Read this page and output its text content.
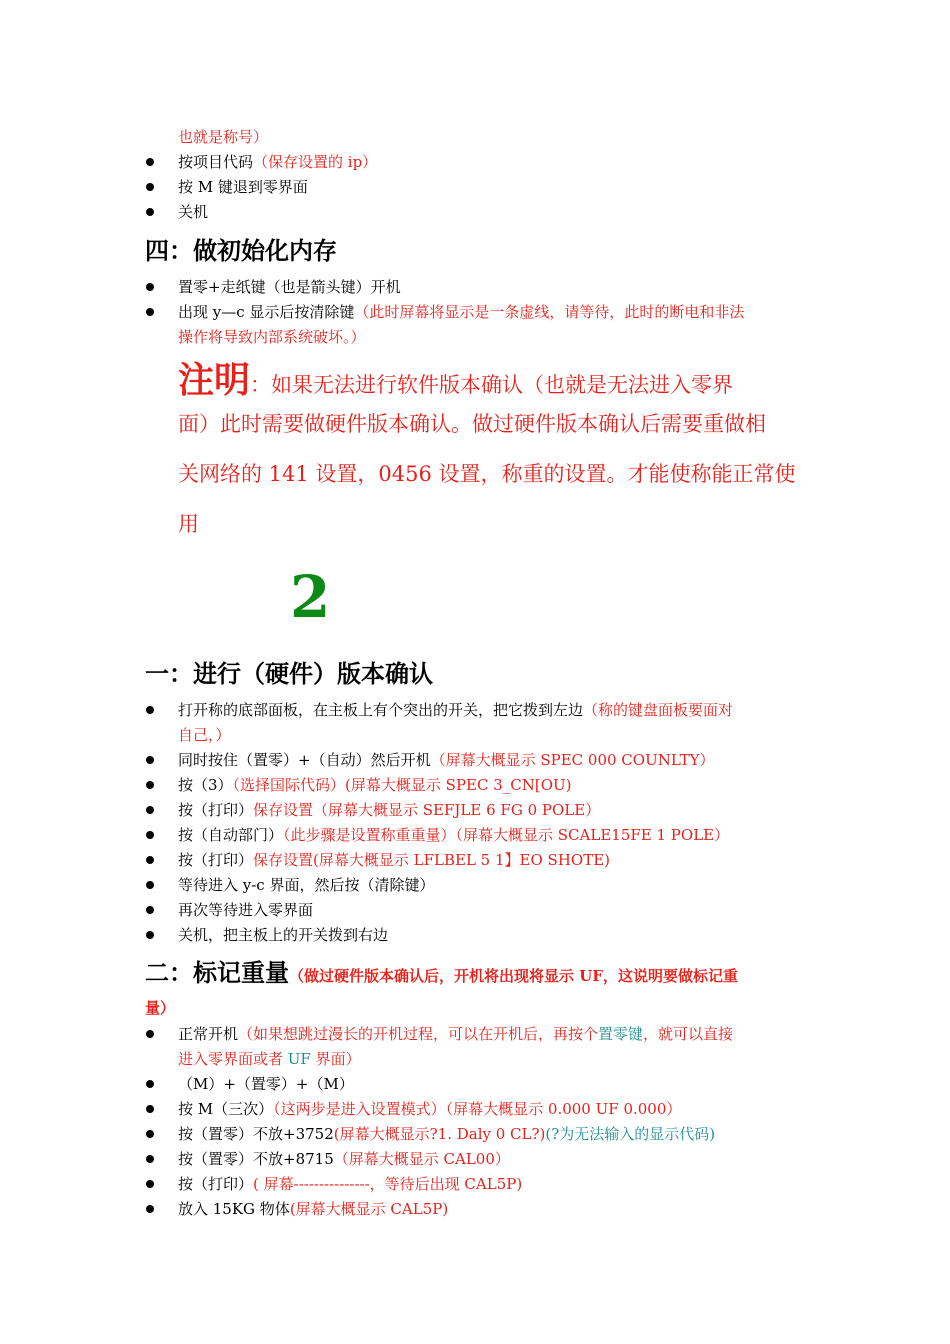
也就是称号）
按项目代码（保存设置的 ip）
按 M 键退到零界面
关机
四：做初始化内存
置零+走纸键（也是箭头键）开机
出现 y—c 显示后按清除键（此时屏幕将显示是一条虚线，请等待，此时的断电和非法
操作将导致内部系统破坏。）
注明：如果无法进行软件版本确认（也就是无法进入零界
面）此时需要做硬件版本确认。做过硬件版本确认后需要重做相
关网络的 141 设置，0456 设置，称重的设置。才能使称能正常使
用
2
一：进行（硬件）版本确认
打开称的底部面板，在主板上有个突出的开关，把它拨到左边（称的键盘面板要面对
自己，）
同时按住（置零）+（自动）然后开机（屏幕大概显示 SPEC 000 COUNLTY）
按（3）（选择国际代码）(屏幕大概显示 SPEC 3_CN[OU)
按（打印）保存设置（屏幕大概显示 SEFJLE 6 FG 0 POLE）
按（自动部门）（此步骤是设置称重重量）（屏幕大概显示 SCALE15FE 1 POLE）
按（打印）保存设置(屏幕大概显示 LFLBEL 5 1】EO SHOTE)
等待进入 y-c 界面，然后按（清除键）
再次等待进入零界面
关机，把主板上的开关拨到右边
二：标记重量（做过硬件版本确认后，开机将出现将显示 UF，这说明要做标记重
量）
正常开机（如果想跳过漫长的开机过程，可以在开机后，再按个置零键，就可以直接
进入零界面或者 UF 界面）
（M）+（置零）+（M）
按 M（三次）（这两步是进入设置模式）（屏幕大概显示 0.000 UF 0.000）
按（置零）不放+3752(屏幕大概显示?1. Daly 0 CL?)(?为无法输入的显示代码)
按（置零）不放+8715（屏幕大概显示 CAL00）
按（打印）( 屏幕---------------，等待后出现 CAL5P)
放入 15KG 物体(屏幕大概显示 CAL5P)
